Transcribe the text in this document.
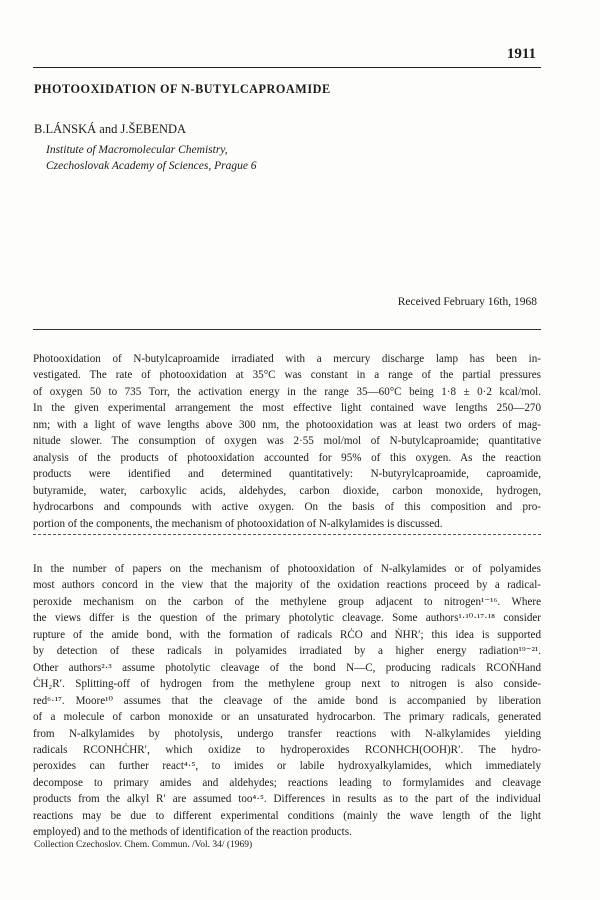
1911
PHOTOOXIDATION OF N-BUTYLCAPROAMIDE
B.LÁNSKÁ and J.ŠEBENDA
Institute of Macromolecular Chemistry,
Czechoslovak Academy of Sciences, Prague 6
Received February 16th, 1968
Photooxidation of N-butylcaproamide irradiated with a mercury discharge lamp has been in-
vestigated. The rate of photooxidation at 35°C was constant in a range of the partial pressures
of oxygen 50 to 735 Torr, the activation energy in the range 35—60°C being 1·8 ± 0·2 kcal/mol.
In the given experimental arrangement the most effective light contained wave lengths 250—270
nm; with a light of wave lengths above 300 nm, the photooxidation was at least two orders of mag-
nitude slower. The consumption of oxygen was 2·55 mol/mol of N-butylcaproamide; quantitative
analysis of the products of photooxidation accounted for 95% of this oxygen. As the reaction
products were identified and determined quantitatively: N-butyrylcaproamide, caproamide,
butyramide, water, carboxylic acids, aldehydes, carbon dioxide, carbon monoxide, hydrogen,
hydrocarbons and compounds with active oxygen. On the basis of this composition and pro-
portion of the components, the mechanism of photooxidation of N-alkylamides is discussed.
In the number of papers on the mechanism of photooxidation of N-alkylamides or of polyamides
most authors concord in the view that the majority of the oxidation reactions proceed by a radical-
peroxide mechanism on the carbon of the methylene group adjacent to nitrogen¹⁻¹⁶. Where
the views differ is the question of the primary photolytic cleavage. Some authors¹·¹⁰·¹⁷·¹⁸ consider
rupture of the amide bond, with the formation of radicals RĊO and ṄHR′; this idea is supported
by detection of these radicals in polyamides irradiated by a higher energy radiation¹⁹⁻²¹.
Other authors²·³ assume photolytic cleavage of the bond N—C, producing radicals RCOṄHand
ĊH₂R′. Splitting-off of hydrogen from the methylene group next to nitrogen is also conside-
red⁶·¹⁷. Moore¹⁰ assumes that the cleavage of the amide bond is accompanied by liberation
of a molecule of carbon monoxide or an unsaturated hydrocarbon. The primary radicals, generated
from N-alkylamides by photolysis, undergo transfer reactions with N-alkylamides yielding
radicals RCONHĊHR′, which oxidize to hydroperoxides RCONHCH(OOH)R′. The hydro-
peroxides can further react⁴·⁵, to imides or labile hydroxyalkylamides, which immediately
decompose to primary amides and aldehydes; reactions leading to formylamides and cleavage
products from the alkyl R′ are assumed too⁴·⁵. Differences in results as to the part of the individual
reactions may be due to different experimental conditions (mainly the wave length of the light
employed) and to the methods of identification of the reaction products.
Collection Czechoslov. Chem. Commun. /Vol. 34/ (1969)
